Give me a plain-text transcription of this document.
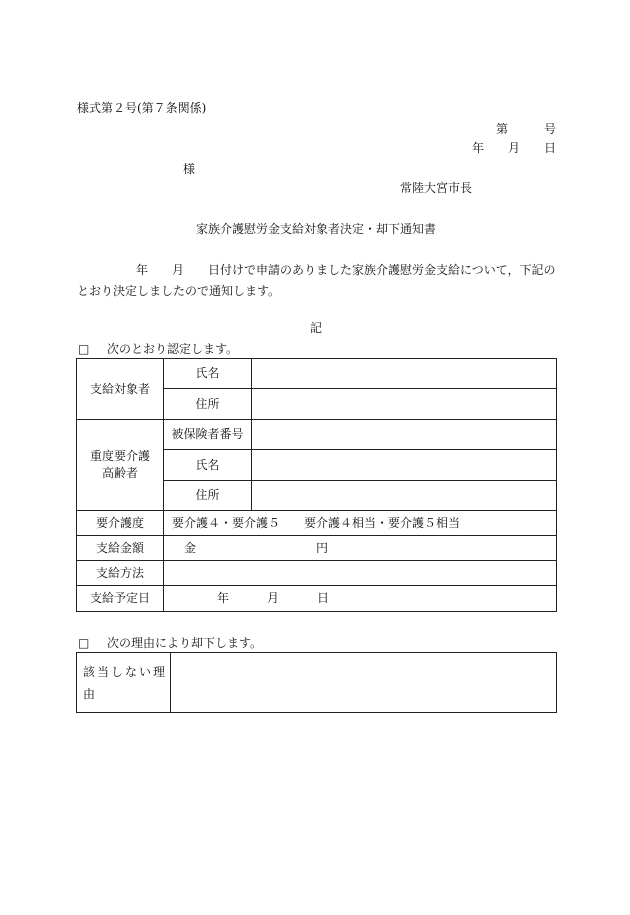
様式第２号(第７条関係)
第	号
年 月 日
様
常陸大宮市長
家族介護慰労金支給対象者決定・却下通知書
年 月 日付けで申請のありました家族介護慰労金支給について，下記の
とおり決定しましたので通知します。
記
□ 次のとおり認定します。
支給対象者	氏名	
	住所	

重度要介護
高齢者	被保険者番号	
	氏名	
	住所	
要介護度	要介護４・要介護５ 要介護４相当・要介護５相当	
支給金額	金 円	
支給方法		
支給予定日	年 月 日	
□ 次の理由により却下します。
該当しない理
由
